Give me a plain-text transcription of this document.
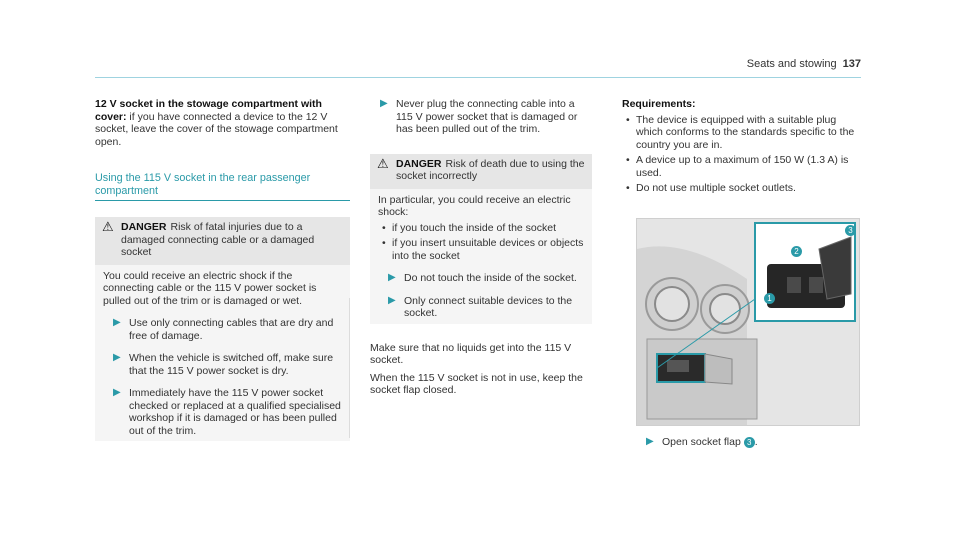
Seats and stowing 137

12 V socket in the stowage compartment with cover: if you have connected a device to the 12 V socket, leave the cover of the stowage compartment open.

Using the 115 V socket in the rear passenger compartment
⚠ DANGER Risk of fatal injuries due to a damaged connecting cable or a damaged socket

You could receive an electric shock if the connecting cable or the 115 V power socket is pulled out of the trim or is damaged or wet.

▶ Use only connecting cables that are dry and free of damage.
▶ When the vehicle is switched off, make sure that the 115 V power socket is dry.
▶ Immediately have the 115 V power socket checked or replaced at a qualified specialised workshop if it is damaged or has been pulled out of the trim.
▶ Never plug the connecting cable into a 115 V power socket that is damaged or has been pulled out of the trim.
⚠ DANGER Risk of death due to using the socket incorrectly

In particular, you could receive an electric shock:

• if you touch the inside of the socket
• if you insert unsuitable devices or objects into the socket
▶ Do not touch the inside of the socket.
▶ Only connect suitable devices to the socket.

Make sure that no liquids get into the 115 V socket.

When the 115 V socket is not in use, keep the socket flap closed.

Requirements:

• The device is equipped with a suitable plug which conforms to the standards specific to the country you are in.
• A device up to a maximum of 150 W (1.3 A) is used.
• Do not use multiple socket outlets.
1
2
3
▶ Open socket flap 3 .
